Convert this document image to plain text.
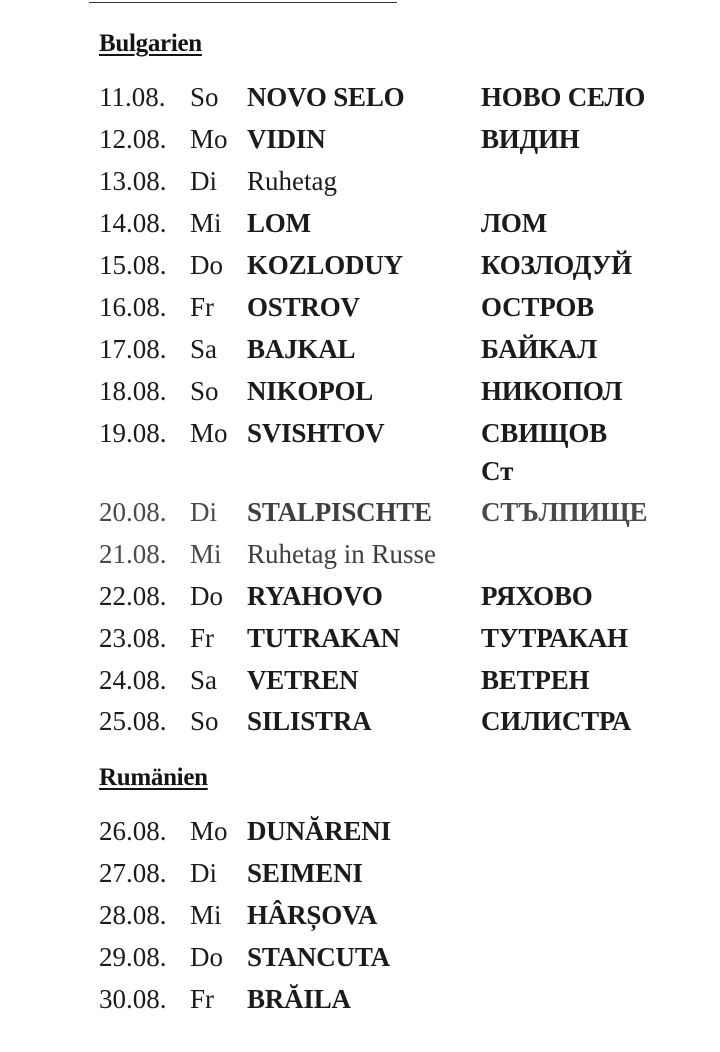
Bulgarien
11.08. So NOVO SELO	НОВО СЕЛО
12.08. Mo VIDIN	ВИДИН
13.08. Di Ruhetag
14.08. Mi LOM	ЛОМ
15.08. Do KOZLODUY	КОЗЛОДУЙ
16.08. Fr OSTROV	ОСТРОВ
17.08. Sa BAJKAL	БАЙКАЛ
18.08. So NIKOPOL	НИКОПОЛ
19.08. Mo SVISHTOV	СВИЩОВ
Ст
20.08. Di STALPISCHTE СТЪЛПИЩЕ
21.08. Mi Ruhetag in Russe
22.08. Do RYAHOVO	РЯХОВО
23.08. Fr TUTRAKAN	ТУТРАКАН
24.08. Sa VETREN	ВЕТРЕН
25.08. So SILISTRA	СИЛИСТРА
Rumänien
26.08. Mo DUNĂRENI
27.08. Di SEIMENI
28.08. Mi HÂRȘOVA
29.08. Do STANCUTA
30.08. Fr BRĂILA
